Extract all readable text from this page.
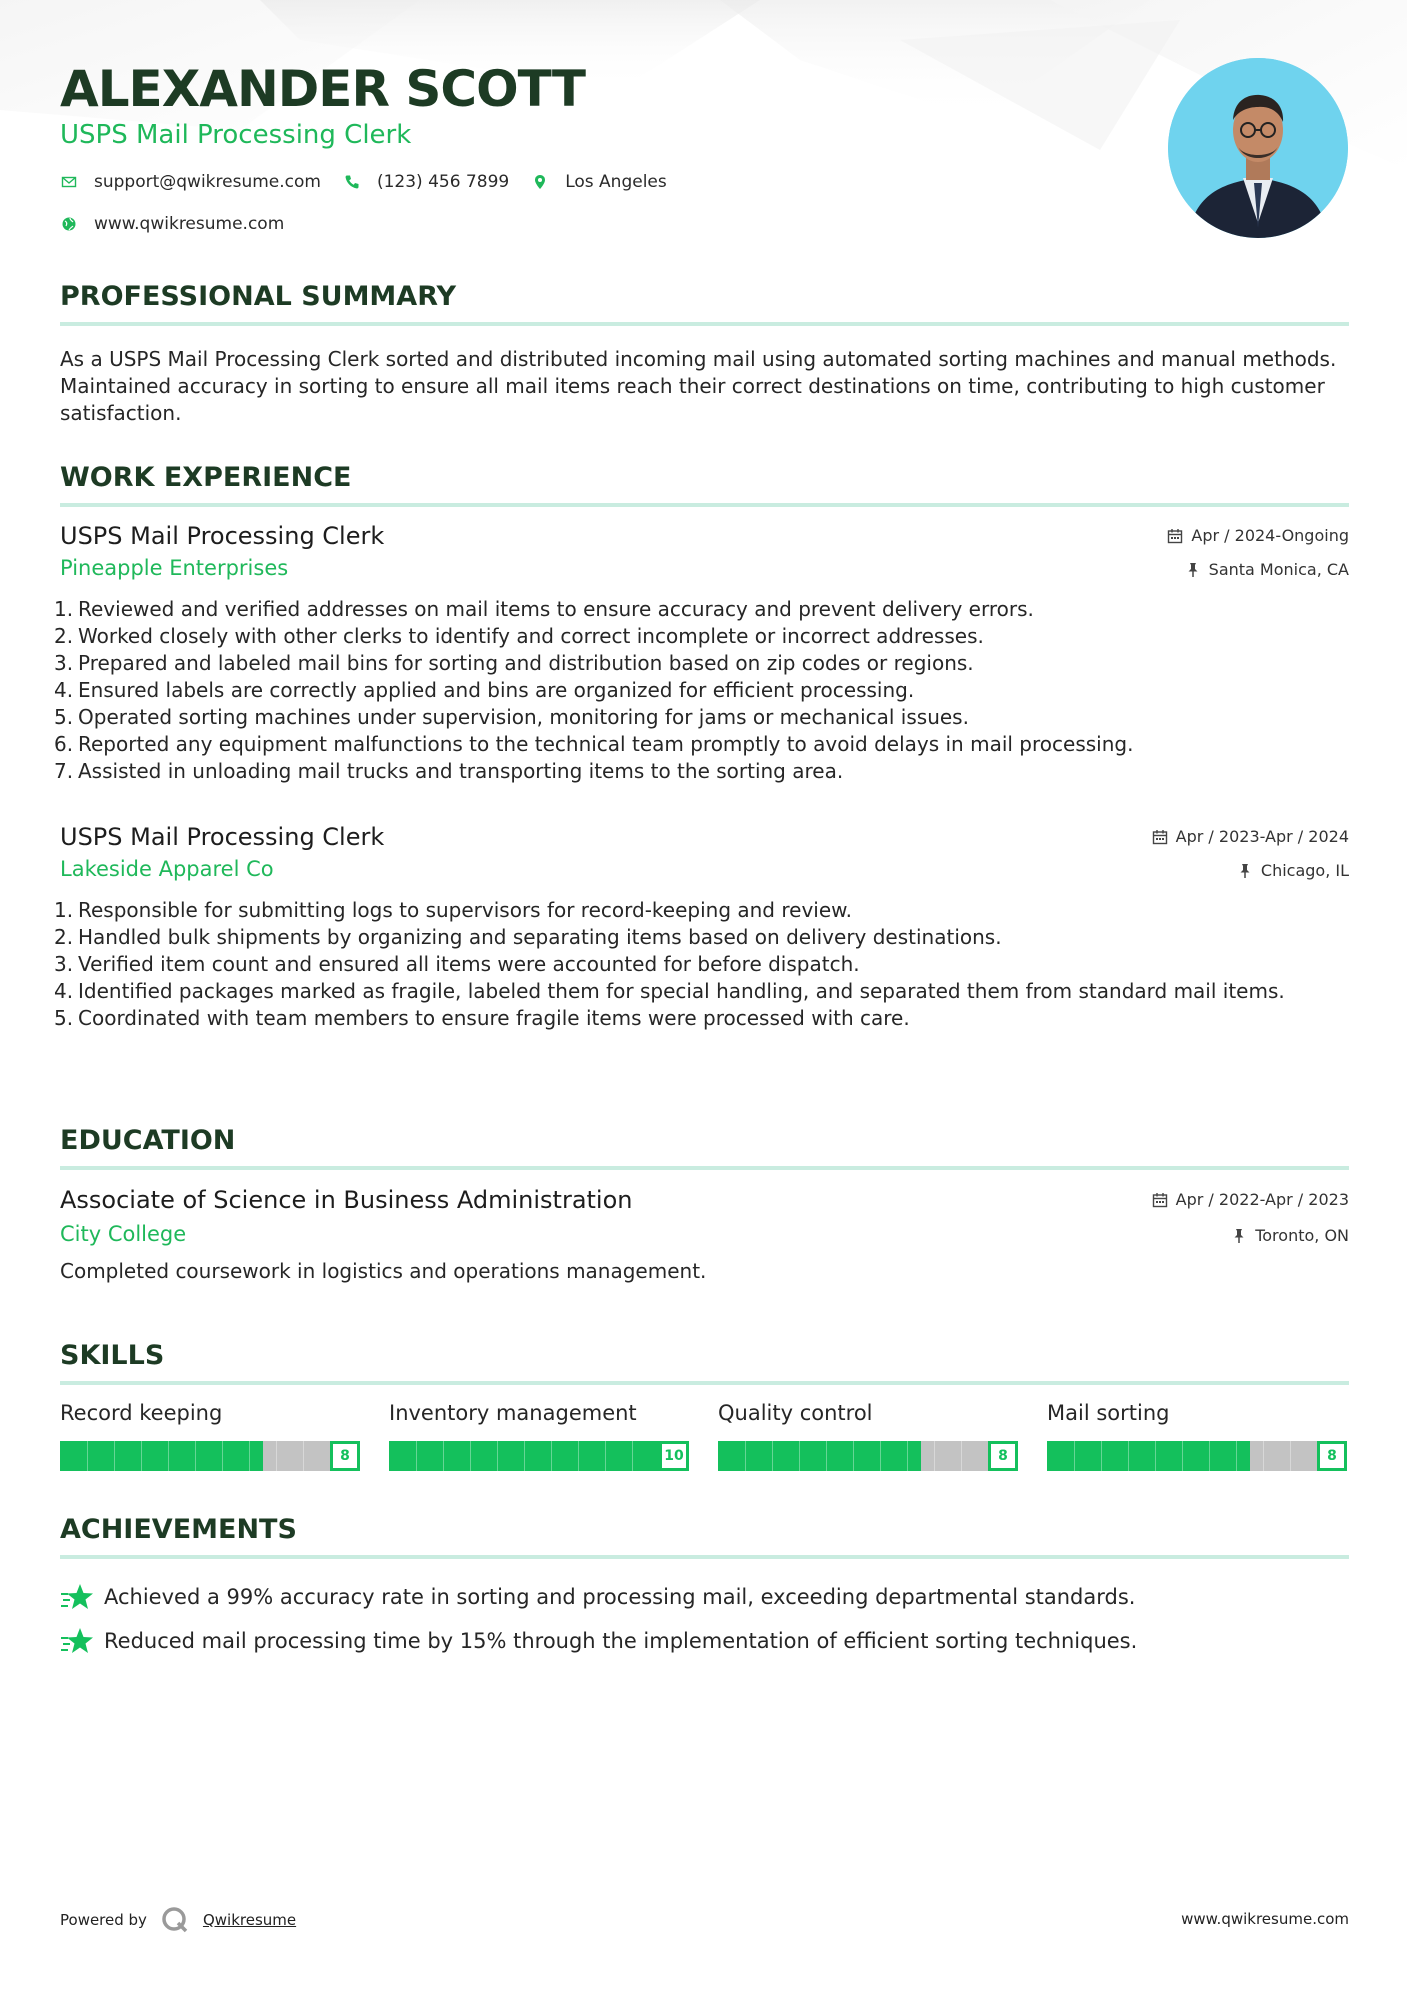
ALEXANDER SCOTT
USPS Mail Processing Clerk
support@qwikresume.com	(123) 456 7899	Los Angeles
www.qwikresume.com
PROFESSIONAL SUMMARY
As a USPS Mail Processing Clerk sorted and distributed incoming mail using automated sorting machines and manual methods. Maintained accuracy in sorting to ensure all mail items reach their correct destinations on time, contributing to high customer satisfaction.
WORK EXPERIENCE
USPS Mail Processing Clerk	Apr / 2024-Ongoing
Pineapple Enterprises	Santa Monica, CA
1. Reviewed and verified addresses on mail items to ensure accuracy and prevent delivery errors.
2. Worked closely with other clerks to identify and correct incomplete or incorrect addresses.
3. Prepared and labeled mail bins for sorting and distribution based on zip codes or regions.
4. Ensured labels are correctly applied and bins are organized for efficient processing.
5. Operated sorting machines under supervision, monitoring for jams or mechanical issues.
6. Reported any equipment malfunctions to the technical team promptly to avoid delays in mail processing.
7. Assisted in unloading mail trucks and transporting items to the sorting area.
USPS Mail Processing Clerk	Apr / 2023-Apr / 2024
Lakeside Apparel Co	Chicago, IL
1. Responsible for submitting logs to supervisors for record-keeping and review.
2. Handled bulk shipments by organizing and separating items based on delivery destinations.
3. Verified item count and ensured all items were accounted for before dispatch.
4. Identified packages marked as fragile, labeled them for special handling, and separated them from standard mail items.
5. Coordinated with team members to ensure fragile items were processed with care.
EDUCATION
Associate of Science in Business Administration	Apr / 2022-Apr / 2023
City College	Toronto, ON
Completed coursework in logistics and operations management.
SKILLS
Record keeping
8
Inventory management
10
Quality control
8
Mail sorting
8
ACHIEVEMENTS
Achieved a 99% accuracy rate in sorting and processing mail, exceeding departmental standards.
Reduced mail processing time by 15% through the implementation of efficient sorting techniques.
Powered by	Qwikresume	www.qwikresume.com
